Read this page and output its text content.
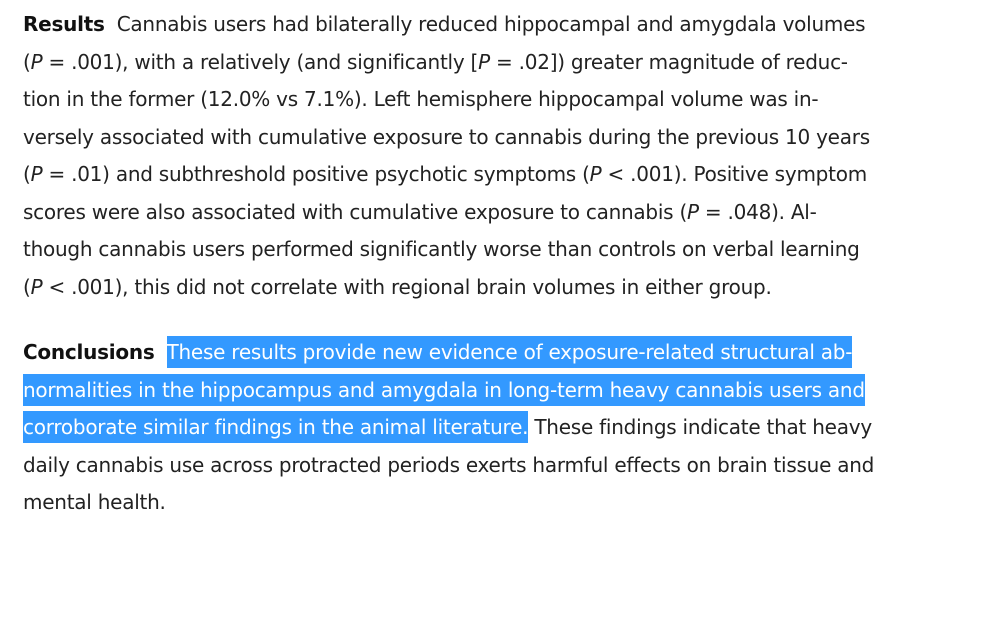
Results Cannabis users had bilaterally reduced hippocampal and amygdala volumes
(P = .001), with a relatively (and significantly [P = .02]) greater magnitude of reduc-
tion in the former (12.0% vs 7.1%). Left hemisphere hippocampal volume was in-
versely associated with cumulative exposure to cannabis during the previous 10 years
(P = .01) and subthreshold positive psychotic symptoms (P < .001). Positive symptom
scores were also associated with cumulative exposure to cannabis (P = .048). Al-
though cannabis users performed significantly worse than controls on verbal learning
(P < .001), this did not correlate with regional brain volumes in either group.
Conclusions These results provide new evidence of exposure-related structural ab-
normalities in the hippocampus and amygdala in long-term heavy cannabis users and
corroborate similar findings in the animal literature. These findings indicate that heavy
daily cannabis use across protracted periods exerts harmful effects on brain tissue and
mental health.
